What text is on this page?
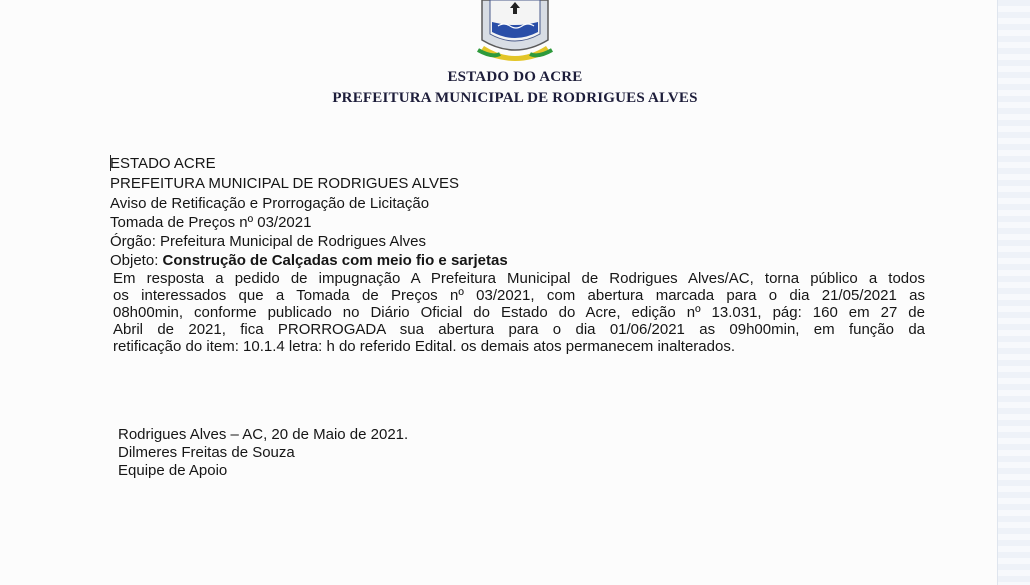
ESTADO DO ACRE
PREFEITURA MUNICIPAL DE RODRIGUES ALVES
ESTADO ACRE
PREFEITURA MUNICIPAL DE RODRIGUES ALVES
Aviso de Retificação e Prorrogação de Licitação
Tomada de Preços nº 03/2021
Órgão: Prefeitura Municipal de Rodrigues Alves
Objeto: Construção de Calçadas com meio fio e sarjetas
Em resposta a pedido de impugnação A Prefeitura Municipal de Rodrigues Alves/AC, torna público a todos
os interessados que a Tomada de Preços nº 03/2021, com abertura marcada para o dia 21/05/2021 as
08h00min, conforme publicado no Diário Oficial do Estado do Acre, edição nº 13.031, pág: 160 em 27 de
Abril de 2021, fica PRORROGADA sua abertura para o dia 01/06/2021 as 09h00min, em função da
retificação do item: 10.1.4 letra: h do referido Edital. os demais atos permanecem inalterados.
Rodrigues Alves – AC, 20 de Maio de 2021.
Dilmeres Freitas de Souza
Equipe de Apoio
